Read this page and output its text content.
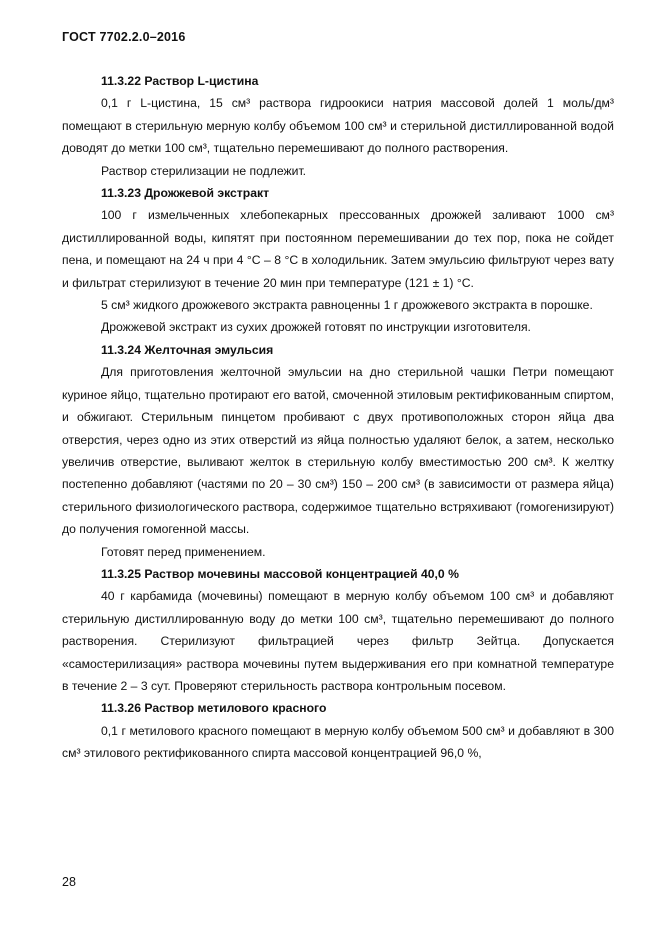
ГОСТ 7702.2.0–2016

11.3.22 Раствор L-цистина

0,1 г L-цистина, 15 см³ раствора гидроокиси натрия массовой долей 1 моль/дм³ помещают в стерильную мерную колбу объемом 100 см³ и стерильной дистиллированной водой доводят до метки 100 см³, тщательно перемешивают до полного растворения.

Раствор стерилизации не подлежит.

11.3.23 Дрожжевой экстракт

100 г измельченных хлебопекарных прессованных дрожжей заливают 1000 см³ дистиллированной воды, кипятят при постоянном перемешивании до тех пор, пока не сойдет пена, и помещают на 24 ч при 4 °С – 8 °С в холодильник. Затем эмульсию фильтруют через вату и фильтрат стерилизуют в течение 20 мин при температуре (121 ± 1) °С.

5 см³ жидкого дрожжевого экстракта равноценны 1 г дрожжевого экстракта в порошке.

Дрожжевой экстракт из сухих дрожжей готовят по инструкции изготовителя.

11.3.24 Желточная эмульсия

Для приготовления желточной эмульсии на дно стерильной чашки Петри помещают куриное яйцо, тщательно протирают его ватой, смоченной этиловым ректификованным спиртом, и обжигают. Стерильным пинцетом пробивают с двух противоположных сторон яйца два отверстия, через одно из этих отверстий из яйца полностью удаляют белок, а затем, несколько увеличив отверстие, выливают желток в стерильную колбу вместимостью 200 см³. К желтку постепенно добавляют (частями по 20 – 30 см³) 150 – 200 см³ (в зависимости от размера яйца) стерильного физиологического раствора, содержимое тщательно встряхивают (гомогенизируют) до получения гомогенной массы.

Готовят перед применением.

11.3.25 Раствор мочевины массовой концентрацией 40,0 %

40 г карбамида (мочевины) помещают в мерную колбу объемом 100 см³ и добавляют стерильную дистиллированную воду до метки 100 см³, тщательно перемешивают до полного растворения. Стерилизуют фильтрацией через фильтр Зейтца. Допускается «самостерилизация» раствора мочевины путем выдерживания его при комнатной температуре в течение 2 – 3 сут. Проверяют стерильность раствора контрольным посевом.

11.3.26 Раствор метилового красного

0,1 г метилового красного помещают в мерную колбу объемом 500 см³ и добавляют в 300 см³ этилового ректификованного спирта массовой концентрацией 96,0 %,

28
